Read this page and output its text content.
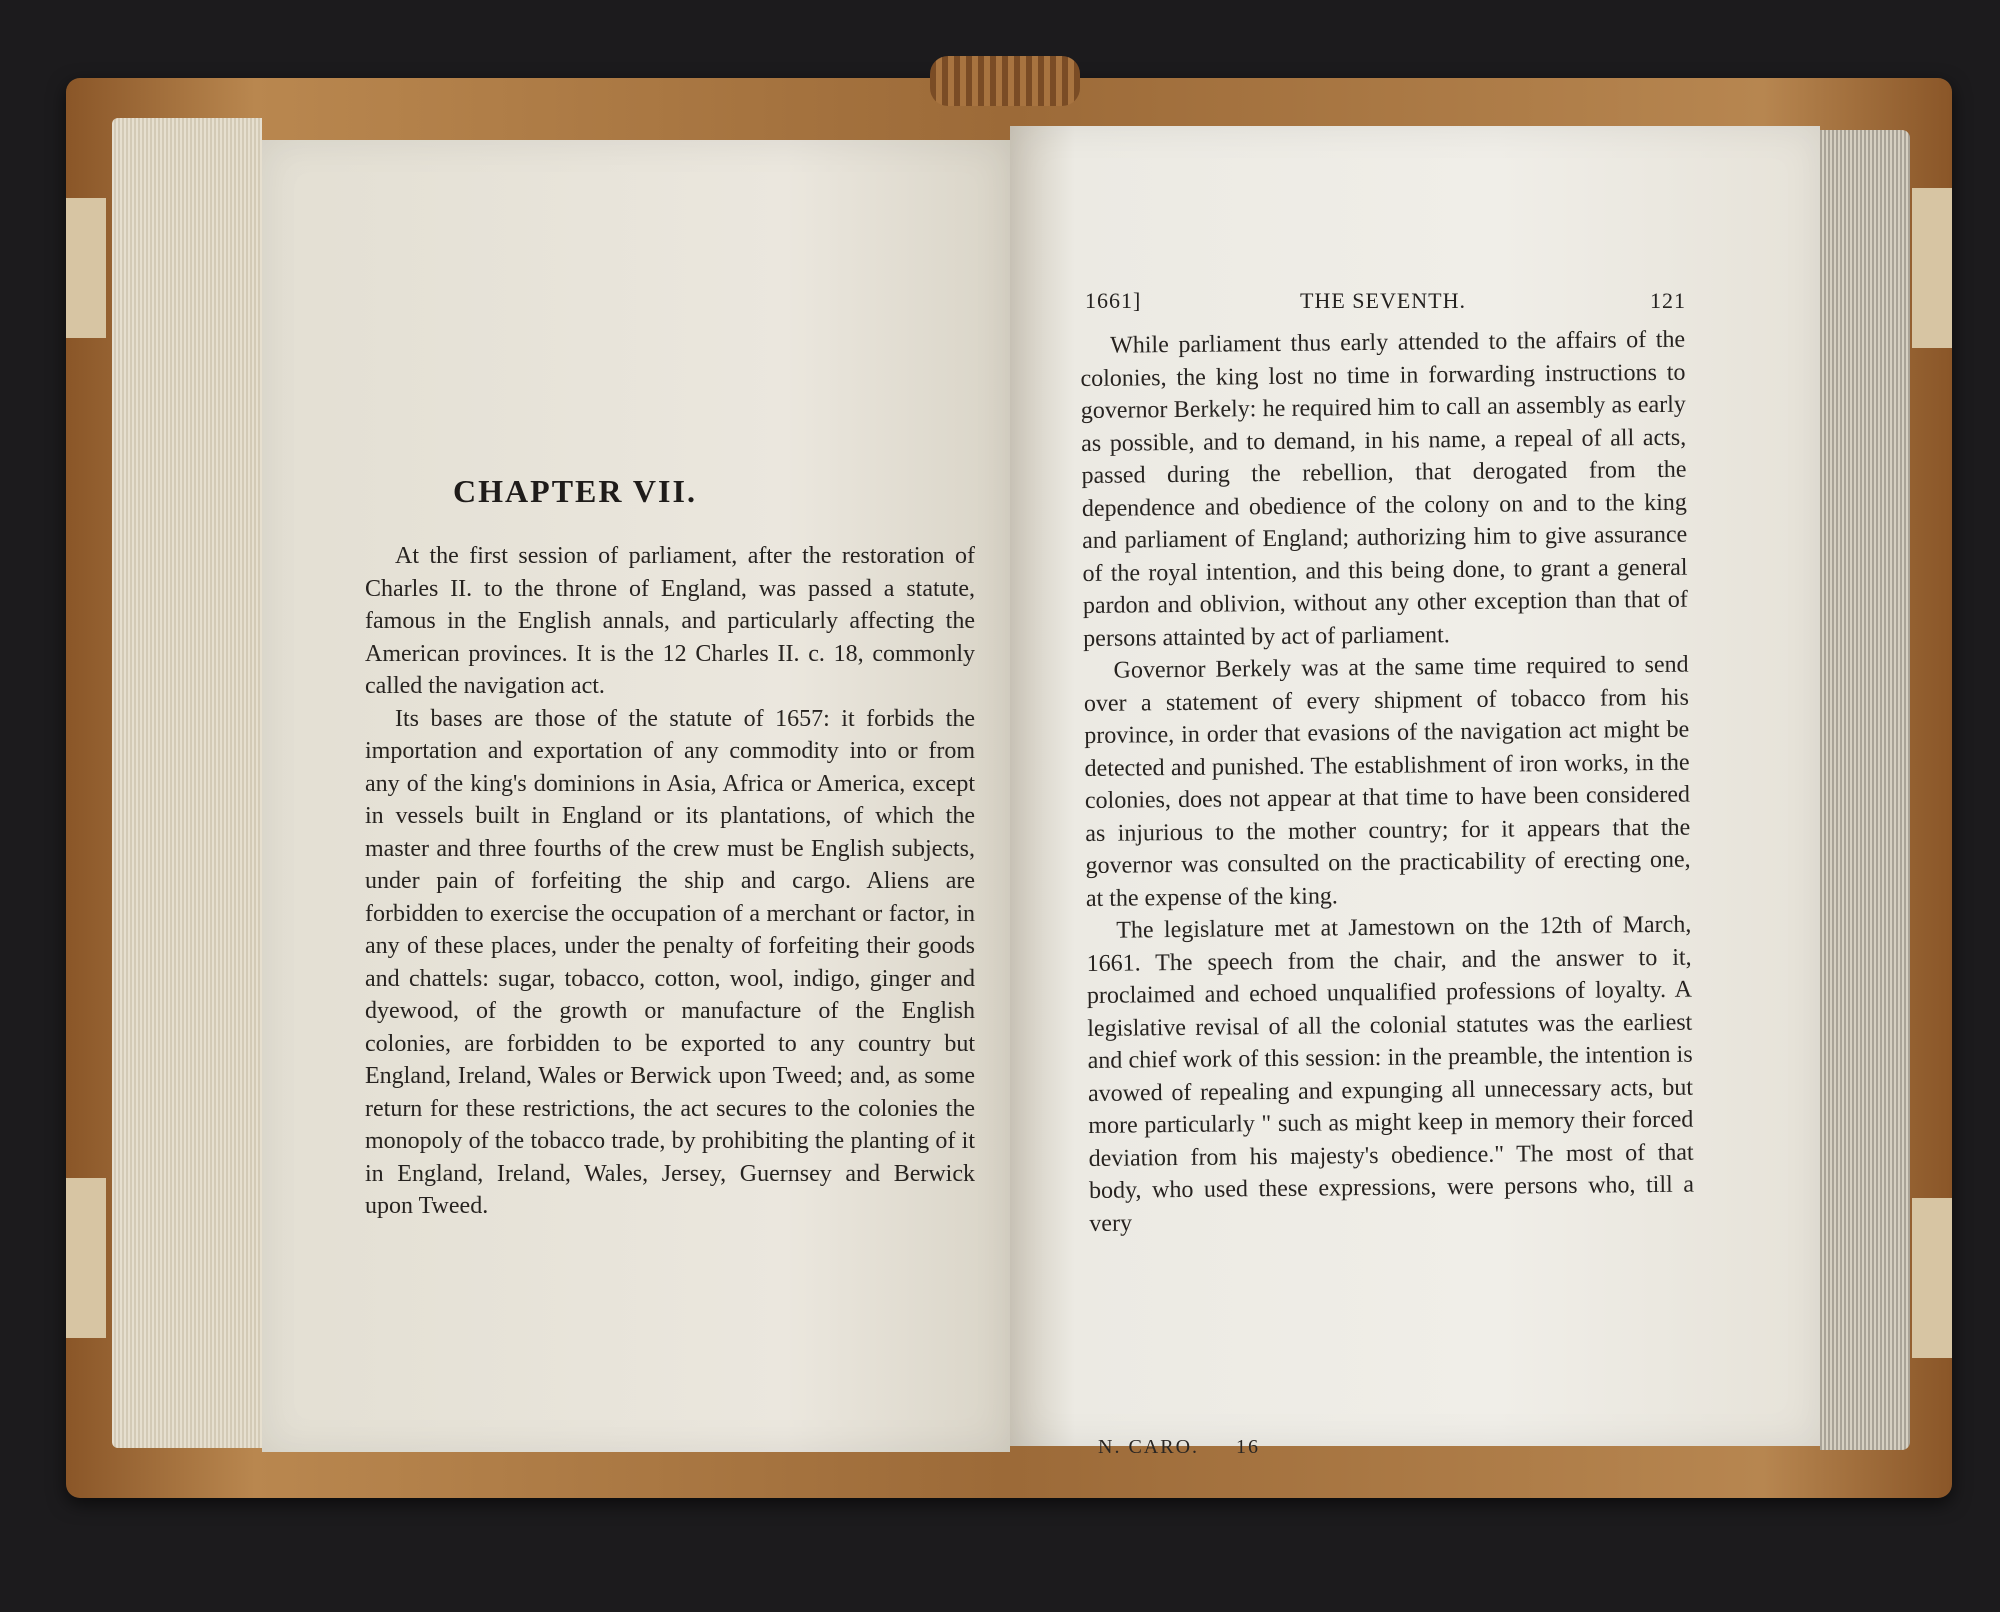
CHAPTER VII.

At the first session of parliament, after the restoration of Charles II. to the throne of England, was passed a statute, famous in the English annals, and particularly affecting the American provinces. It is the 12 Charles II. c. 18, commonly called the navigation act.

Its bases are those of the statute of 1657: it forbids the importation and exportation of any commodity into or from any of the king's dominions in Asia, Africa or America, except in vessels built in England or its plantations, of which the master and three fourths of the crew must be English subjects, under pain of forfeiting the ship and cargo. Aliens are forbidden to exercise the occupation of a merchant or factor, in any of these places, under the penalty of forfeiting their goods and chattels: sugar, tobacco, cotton, wool, indigo, ginger and dyewood, of the growth or manufacture of the English colonies, are forbidden to be exported to any country but England, Ireland, Wales or Berwick upon Tweed; and, as some return for these restrictions, the act secures to the colonies the monopoly of the tobacco trade, by prohibiting the planting of it in England, Ireland, Wales, Jersey, Guernsey and Berwick upon Tweed.

1661]	THE SEVENTH.	121

While parliament thus early attended to the affairs of the colonies, the king lost no time in forwarding instructions to governor Berkely: he required him to call an assembly as early as possible, and to demand, in his name, a repeal of all acts, passed during the rebellion, that derogated from the dependence and obedience of the colony on and to the king and parliament of England; authorizing him to give assurance of the royal intention, and this being done, to grant a general pardon and oblivion, without any other exception than that of persons attainted by act of parliament.

Governor Berkely was at the same time required to send over a statement of every shipment of tobacco from his province, in order that evasions of the navigation act might be detected and punished. The establishment of iron works, in the colonies, does not appear at that time to have been considered as injurious to the mother country; for it appears that the governor was consulted on the practicability of erecting one, at the expense of the king.

The legislature met at Jamestown on the 12th of March, 1661. The speech from the chair, and the answer to it, proclaimed and echoed unqualified professions of loyalty. A legislative revisal of all the colonial statutes was the earliest and chief work of this session: in the preamble, the intention is avowed of repealing and expunging all unnecessary acts, but more particularly " such as might keep in memory their forced deviation from his majesty's obedience." The most of that body, who used these expressions, were persons who, till a very

N. CARO. 16
